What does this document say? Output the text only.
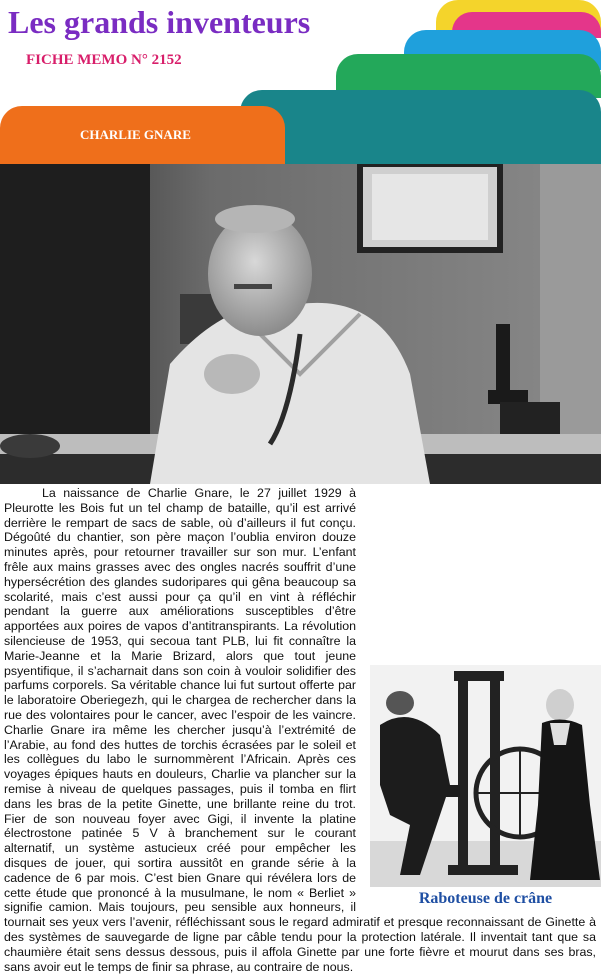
Les grands inventeurs
FICHE MEMO N° 2152
CHARLIE GNARE

La naissance de Charlie Gnare, le 27 juillet 1929 à Pleurotte les Bois fut un tel champ de bataille, qu’il est arrivé derrière le rempart de sacs de sable, où d’ailleurs il fut conçu. Dégoûté du chantier, son père maçon l’oublia environ douze minutes après, pour retourner travailler sur son mur. L’enfant frêle aux mains grasses avec des ongles nacrés souffrit d’une hypersécrétion des glandes sudoripares qui gêna beaucoup sa scolarité, mais c’est aussi pour ça qu’il en vint à réfléchir pendant la guerre aux améliorations susceptibles d’être apportées aux poires de vapos d’antitranspirants. La révolution silencieuse de 1953, qui secoua tant PLB, lui fit connaître la Marie-Jeanne et la Marie Brizard, alors que tout jeune psyentifique, il s’acharnait dans son coin à vouloir solidifier des parfums corporels. Sa véritable chance lui fut surtout offerte par le laboratoire Oberiegezh, qui le chargea de rechercher dans la rue des volontaires pour le cancer, avec l’espoir de les vaincre. Charlie Gnare ira même les chercher jusqu’à l’extrémité de l’Arabie, au fond des huttes de torchis écrasées par le soleil et les collègues du labo le surnommèrent l’Africain. Après ces voyages épiques hauts en douleurs, Charlie va plancher sur la remise à niveau de quelques passages, puis il tomba en flirt dans les bras de la petite Ginette, une brillante reine du trot. Fier de son nouveau foyer avec Gigi, il invente la platine électrostone patinée 5 V à branchement sur le courant alternatif, un système astucieux créé pour empêcher les disques de jouer, qui sortira aussitôt en grande série à la cadence de 6 par mois. C’est bien Gnare qui révélera lors de cette étude que prononcé à la musulmane, le nom « Berliet » signifie camion. Mais toujours, peu sensible aux honneurs, il tournait ses yeux vers l’avenir, réfléchissant sous le regard admiratif et presque reconnaissant de Ginette à des systèmes de sauvegarde de ligne par câble tendu pour la protection latérale. Il inventait tant que sa chaumière était sens dessus dessous, puis il affola Ginette par une forte fièvre et mourut dans ses bras, sans avoir eut le temps de finir sa phrase, au contraire de nous.

Raboteuse de crâne
